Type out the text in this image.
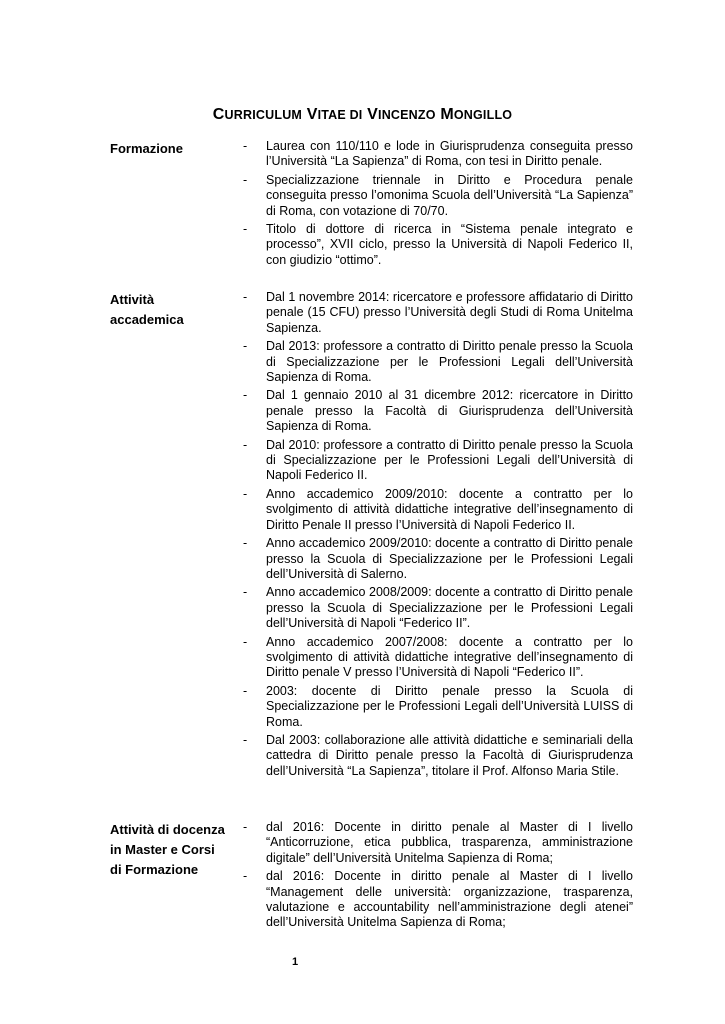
CURRICULUM VITAE DI VINCENZO MONGILLO
Formazione	- Laurea con 110/110 e lode in Giurisprudenza conseguita presso l’Università “La Sapienza” di Roma, con tesi in Diritto penale.
- Specializzazione triennale in Diritto e Procedura penale conseguita presso l’omonima Scuola dell’Università “La Sapienza” di Roma, con votazione di 70/70.
- Titolo di dottore di ricerca in “Sistema penale integrato e processo”, XVII ciclo, presso la Università di Napoli Federico II, con giudizio “ottimo”.
Attività
accademica
- Dal 1 novembre 2014: ricercatore e professore affidatario di Diritto penale (15 CFU) presso l’Università degli Studi di Roma Unitelma Sapienza.
- Dal 2013: professore a contratto di Diritto penale presso la Scuola di Specializzazione per le Professioni Legali dell’Università Sapienza di Roma.
- Dal 1 gennaio 2010 al 31 dicembre 2012: ricercatore in Diritto penale presso la Facoltà di Giurisprudenza dell’Università Sapienza di Roma.
- Dal 2010: professore a contratto di Diritto penale presso la Scuola di Specializzazione per le Professioni Legali dell’Università di Napoli Federico II.
- Anno accademico 2009/2010: docente a contratto per lo svolgimento di attività didattiche integrative dell’insegnamento di Diritto Penale II presso l’Università di Napoli Federico II.
- Anno accademico 2009/2010: docente a contratto di Diritto penale presso la Scuola di Specializzazione per le Professioni Legali dell’Università di Salerno.
- Anno accademico 2008/2009: docente a contratto di Diritto penale presso la Scuola di Specializzazione per le Professioni Legali dell’Università di Napoli “Federico II”.
- Anno accademico 2007/2008: docente a contratto per lo svolgimento di attività didattiche integrative dell’insegnamento di Diritto penale V presso l’Università di Napoli “Federico II”.
- 2003: docente di Diritto penale presso la Scuola di Specializzazione per le Professioni Legali dell’Università LUISS di Roma.
- Dal 2003: collaborazione alle attività didattiche e seminariali della cattedra di Diritto penale presso la Facoltà di Giurisprudenza dell’Università “La Sapienza”, titolare il Prof. Alfonso Maria Stile.
Attività di docenza
in Master e Corsi
di Formazione
- dal 2016: Docente in diritto penale al Master di I livello “Anticorruzione, etica pubblica, trasparenza, amministrazione digitale” dell’Università Unitelma Sapienza di Roma;
- dal 2016: Docente in diritto penale al Master di I livello “Management delle università: organizzazione, trasparenza, valutazione e accountability nell’amministrazione degli atenei” dell’Università Unitelma Sapienza di Roma;
1
